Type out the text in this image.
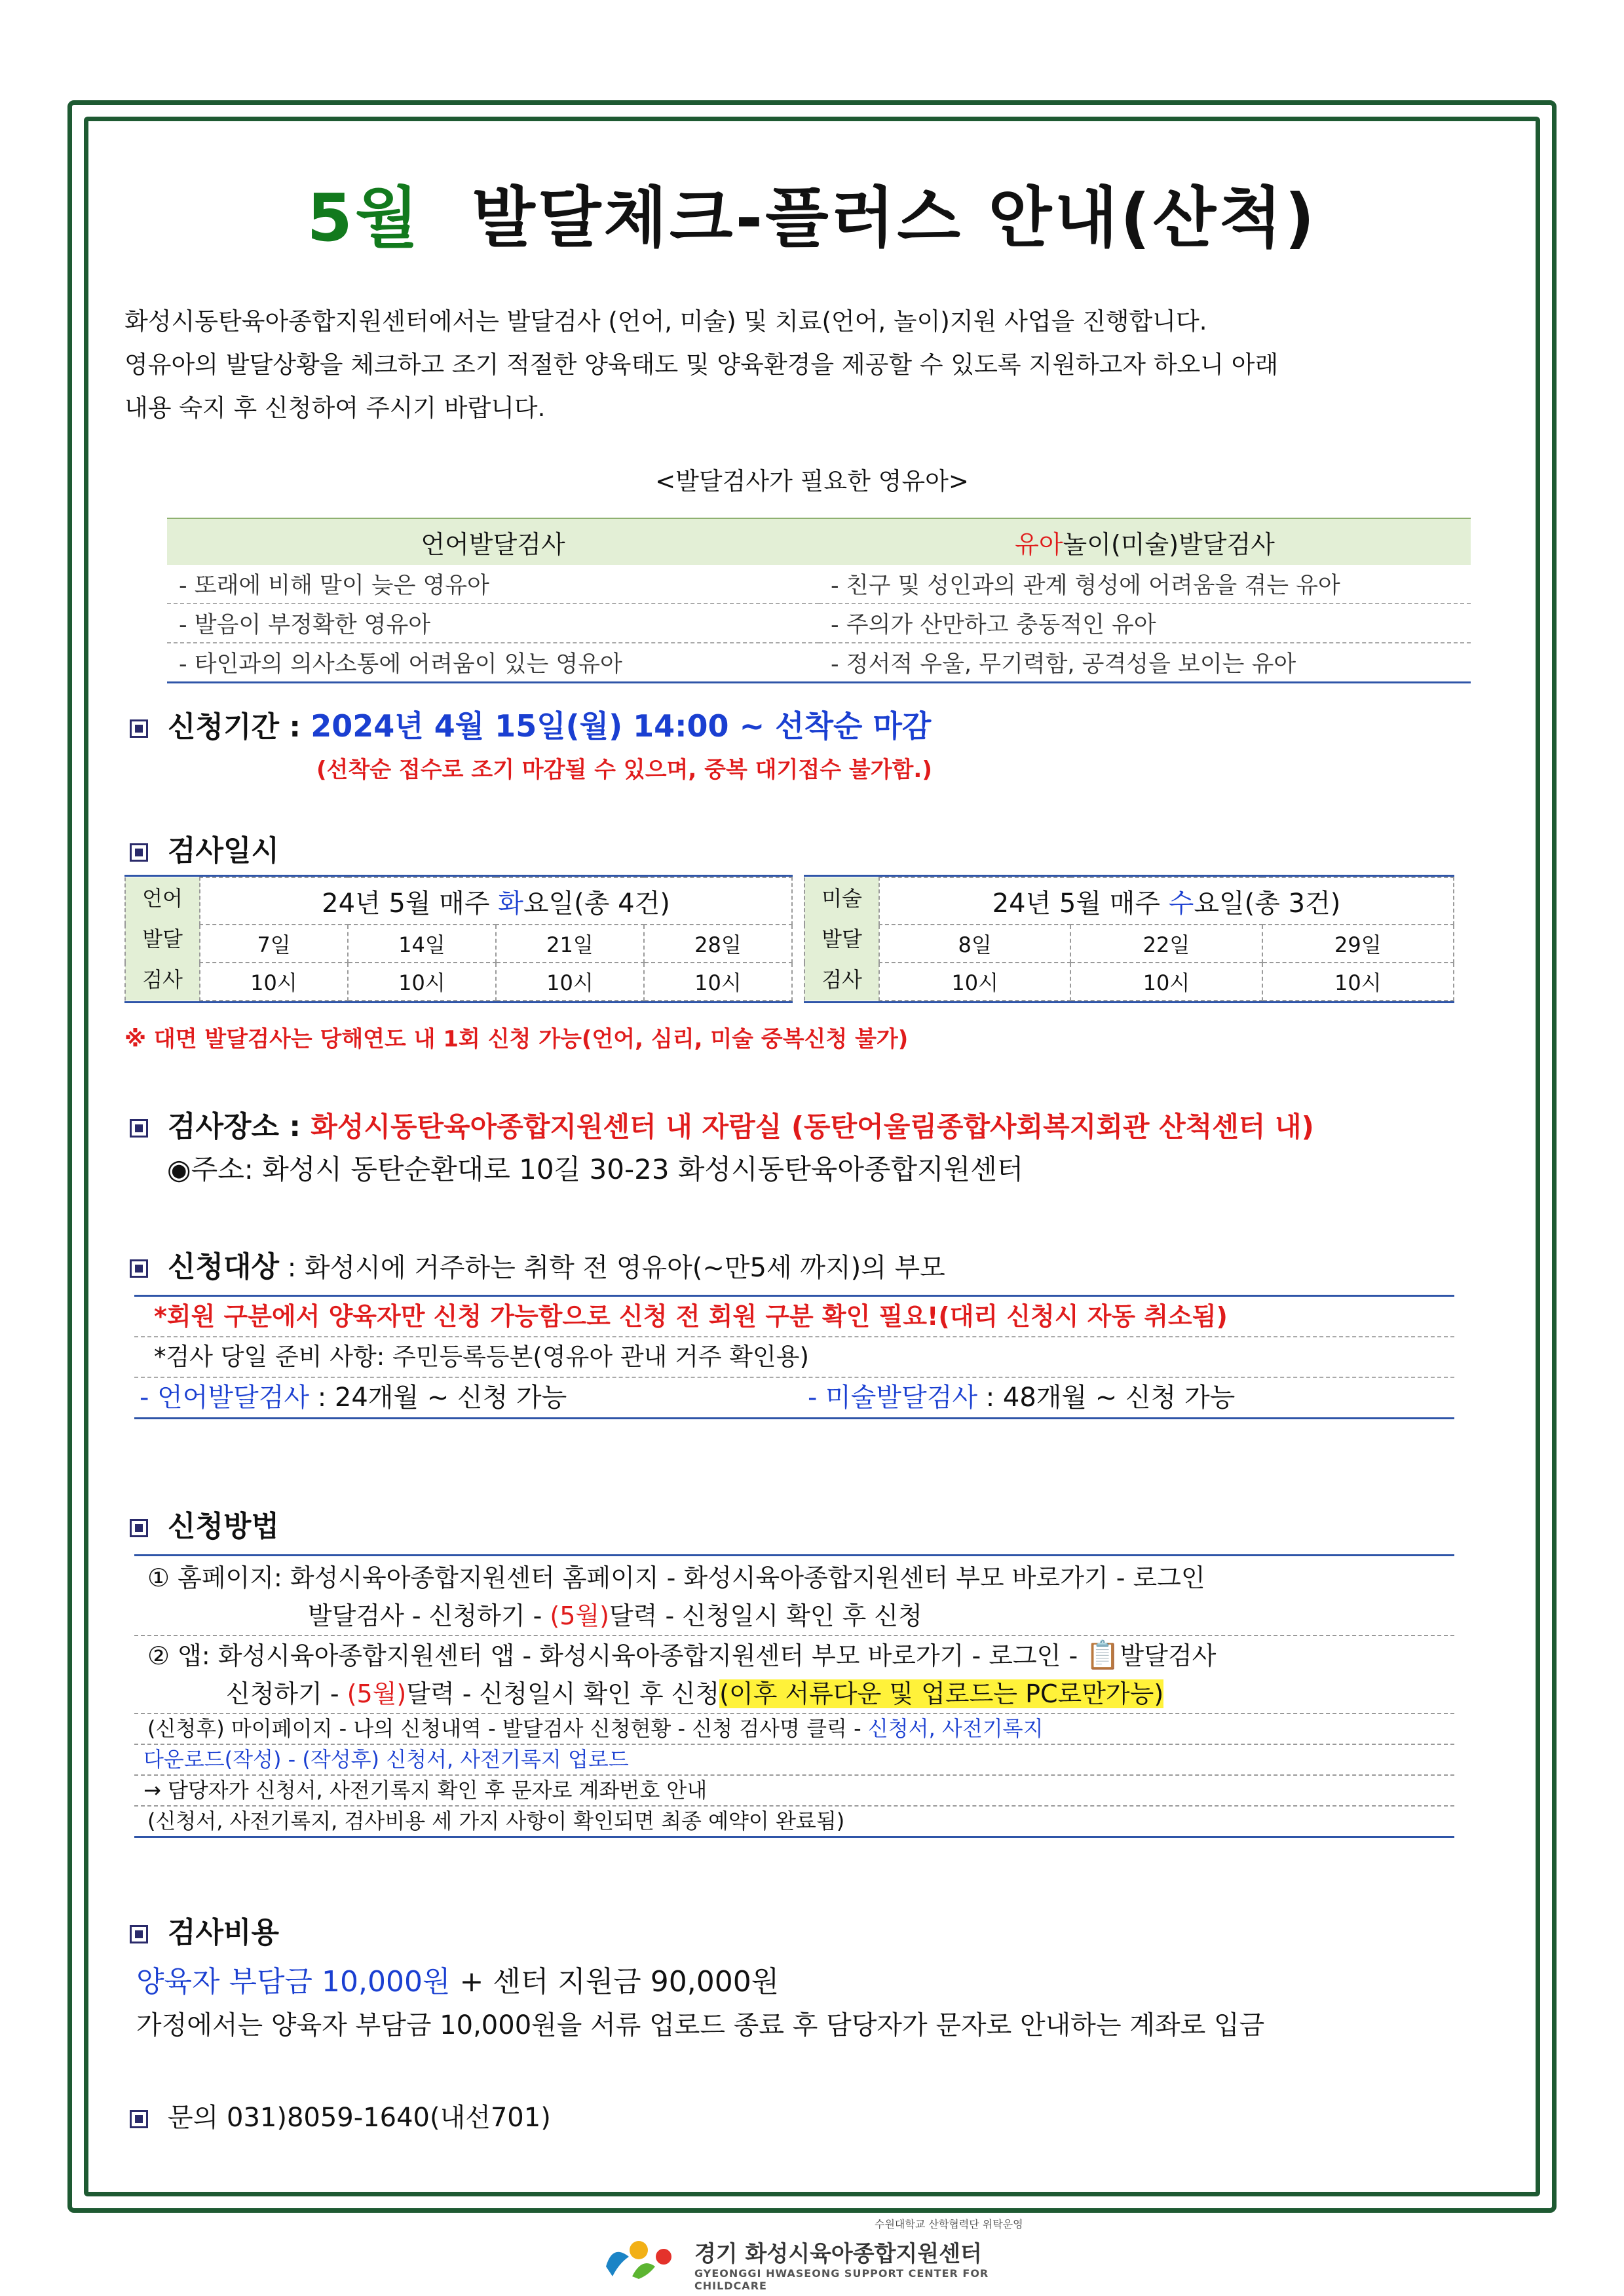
5월 발달체크-플러스 안내(산척)

화성시동탄육아종합지원센터에서는 발달검사 (언어, 미술) 및 치료(언어, 놀이)지원 사업을 진행합니다.

영유아의 발달상황을 체크하고 조기 적절한 양육태도 및 양육환경을 제공할 수 있도록 지원하고자 하오니 아래

내용 숙지 후 신청하여 주시기 바랍니다.

<발달검사가 필요한 영유아>
언어발달검사	유아놀이(미술)발달검사
- 또래에 비해 말이 늦은 영유아	- 친구 및 성인과의 관계 형성에 어려움을 겪는 유아
- 발음이 부정확한 영유아	- 주의가 산만하고 충동적인 유아
- 타인과의 의사소통에 어려움이 있는 영유아	- 정서적 우울, 무기력함, 공격성을 보이는 유아
신청기간 : 2024년 4월 15일(월) 14:00 ~ 선착순 마감
(선착순 접수로 조기 마감될 수 있으며, 중복 대기접수 불가함.)
검사일시
언어
발달
검사	24년 5월 매주 화요일(총 4건)			
	7일	14일	21일	28일
	10시	10시	10시	10시
미술
발달
검사	24년 5월 매주 수요일(총 3건)		
	8일	22일	29일
	10시	10시	10시
※ 대면 발달검사는 당해연도 내 1회 신청 가능(언어, 심리, 미술 중복신청 불가)
검사장소 : 화성시동탄육아종합지원센터 내 자람실 (동탄어울림종합사회복지회관 산척센터 내)
◉주소: 화성시 동탄순환대로 10길 30-23 화성시동탄육아종합지원센터
신청대상 : 화성시에 거주하는 취학 전 영유아(~만5세 까지)의 부모
*회원 구분에서 양육자만 신청 가능함으로 신청 전 회원 구분 확인 필요!(대리 신청시 자동 취소됨)
*검사 당일 준비 사항: 주민등록등본(영유아 관내 거주 확인용)
- 언어발달검사 : 24개월 ~ 신청 가능	- 미술발달검사 : 48개월 ~ 신청 가능
신청방법
① 홈페이지: 화성시육아종합지원센터 홈페이지 - 화성시육아종합지원센터 부모 바로가기 - 로그인
발달검사 - 신청하기 - (5월)달력 - 신청일시 확인 후 신청
② 앱: 화성시육아종합지원센터 앱 - 화성시육아종합지원센터 부모 바로가기 - 로그인 - 📋발달검사
신청하기 - (5월)달력 - 신청일시 확인 후 신청(이후 서류다운 및 업로드는 PC로만가능)
(신청후) 마이페이지 - 나의 신청내역 - 발달검사 신청현황 - 신청 검사명 클릭 - 신청서, 사전기록지
다운로드(작성) - (작성후) 신청서, 사전기록지 업로드
→ 담당자가 신청서, 사전기록지 확인 후 문자로 계좌번호 안내
(신청서, 사전기록지, 검사비용 세 가지 사항이 확인되면 최종 예약이 완료됨)
검사비용
양육자 부담금 10,000원 + 센터 지원금 90,000원
가정에서는 양육자 부담금 10,000원을 서류 업로드 종료 후 담당자가 문자로 안내하는 계좌로 입금
문의 031)8059-1640(내선701)
수원대학교 산학협력단 위탁운영
경기 화성시육아종합지원센터
GYEONGGI HWASEONG SUPPORT CENTER FOR CHILDCARE
